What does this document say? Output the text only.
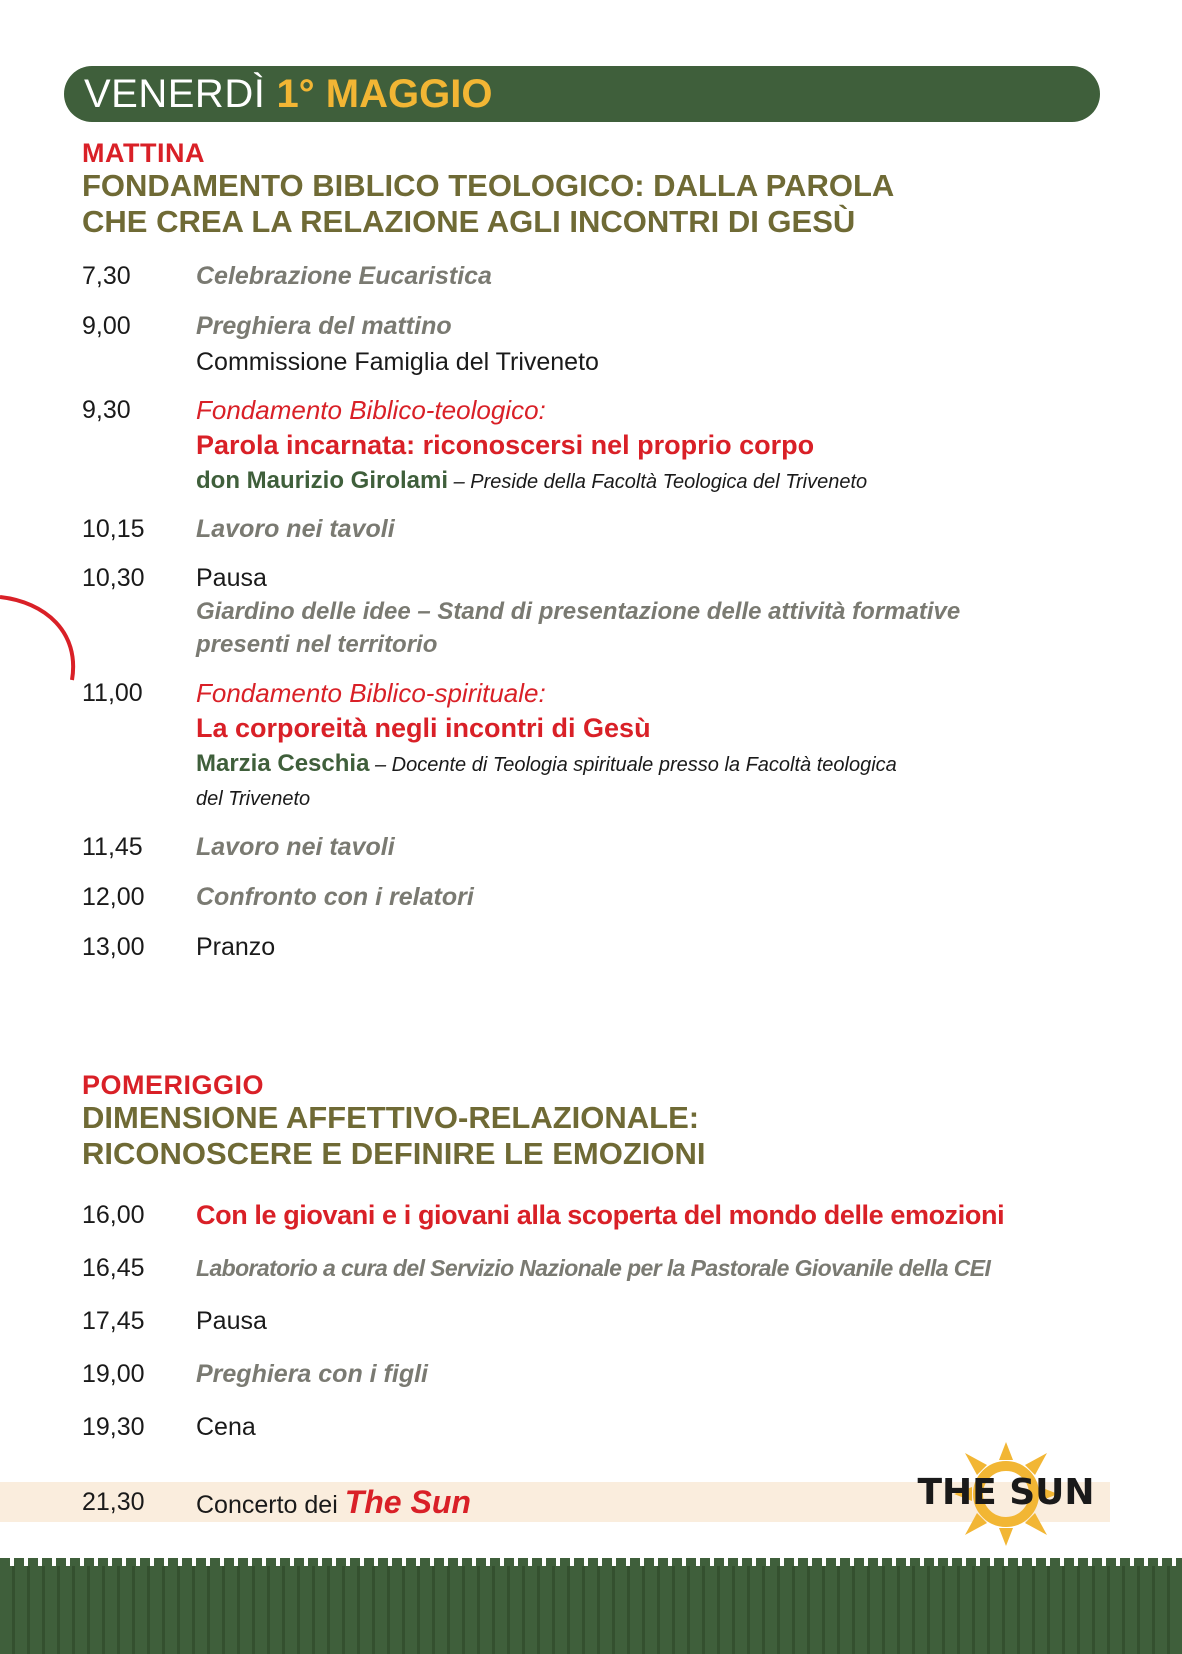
VENERDÌ 1° MAGGIO
MATTINA
FONDAMENTO BIBLICO TEOLOGICO: DALLA PAROLA
CHE CREA LA RELAZIONE AGLI INCONTRI DI GESÙ
7,30	Celebrazione Eucaristica
9,00	Preghiera del mattino
Commissione Famiglia del Triveneto
9,30	Fondamento Biblico-teologico:
Parola incarnata: riconoscersi nel proprio corpo
don Maurizio Girolami – Preside della Facoltà Teologica del Triveneto
10,15 Lavoro nei tavoli
10,30 Pausa
Giardino delle idee – Stand di presentazione delle attività formative
presenti nel territorio
11,00 Fondamento Biblico-spirituale:
La corporeità negli incontri di Gesù
Marzia Ceschia – Docente di Teologia spirituale presso la Facoltà teologica
del Triveneto
11,45 Lavoro nei tavoli
12,00 Confronto con i relatori
13,00 Pranzo
POMERIGGIO
DIMENSIONE AFFETTIVO-RELAZIONALE:
RICONOSCERE E DEFINIRE LE EMOZIONI
16,00 Con le giovani e i giovani alla scoperta del mondo delle emozioni
16,45 Laboratorio a cura del Servizio Nazionale per la Pastorale Giovanile della CEI
17,45 Pausa
19,00 Preghiera con i figli
19,30 Cena
21,30 Concerto dei The Sun	THE SUN
